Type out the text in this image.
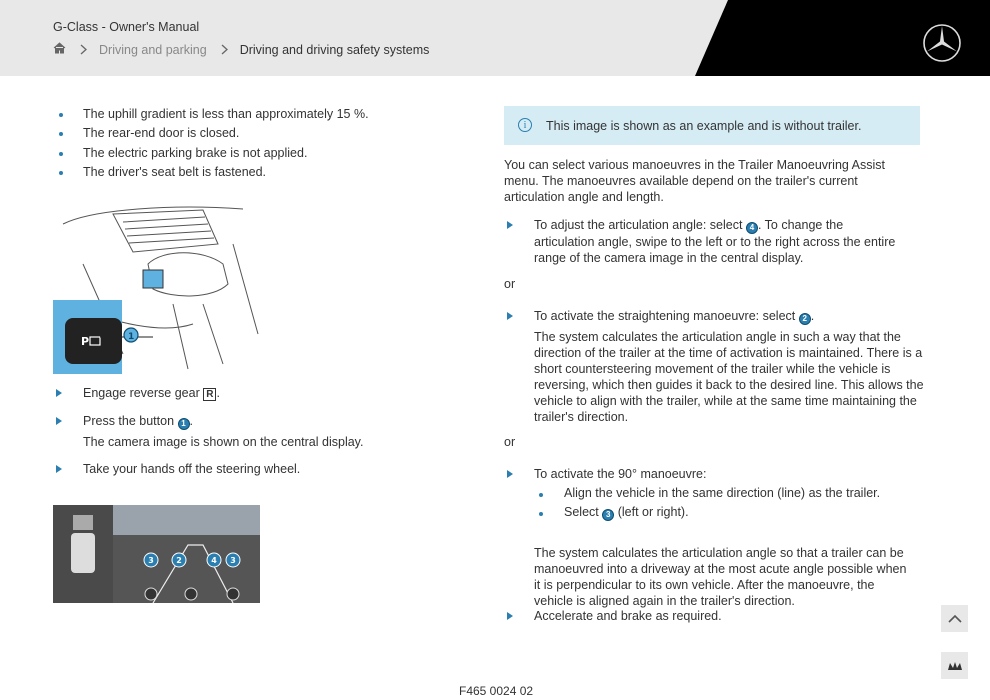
G-Class - Owner's Manual
Driving and parking	Driving and driving safety systems
The uphill gradient is less than approximately 15 %.
The rear-end door is closed.
The electric parking brake is not applied.
The driver's seat belt is fastened.
P	1
Engage reverse gear R .
Press the button 1 .
The camera image is shown on the central display.
Take your hands off the steering wheel.
3	2	4 3
i	This image is shown as an example and is without trailer.
You can select various manoeuvres in the Trailer Manoeuvring Assist menu. The manoeuvres available depend on the trailer's current articulation angle and length.
To adjust the articulation angle: select 4 . To change the articulation angle, swipe to the left or to the right across the entire range of the camera image in the central display.
or
To activate the straightening manoeuvre: select 2 .
The system calculates the articulation angle in such a way that the direction of the trailer at the time of activation is maintained. There is a short countersteering movement of the trailer while the vehicle is reversing, which then guides it back to the desired line. This allows the vehicle to align with the trailer, while at the same time maintaining the trailer's direction.
or
To activate the 90° manoeuvre:
Align the vehicle in the same direction (line) as the trailer.
Select 3 (left or right).
The system calculates the articulation angle so that a trailer can be manoeuvred into a driveway at the most acute angle possible when it is perpendicular to its own vehicle. After the manoeuvre, the vehicle is aligned again in the trailer's direction.
Accelerate and brake as required.
F465 0024 02
